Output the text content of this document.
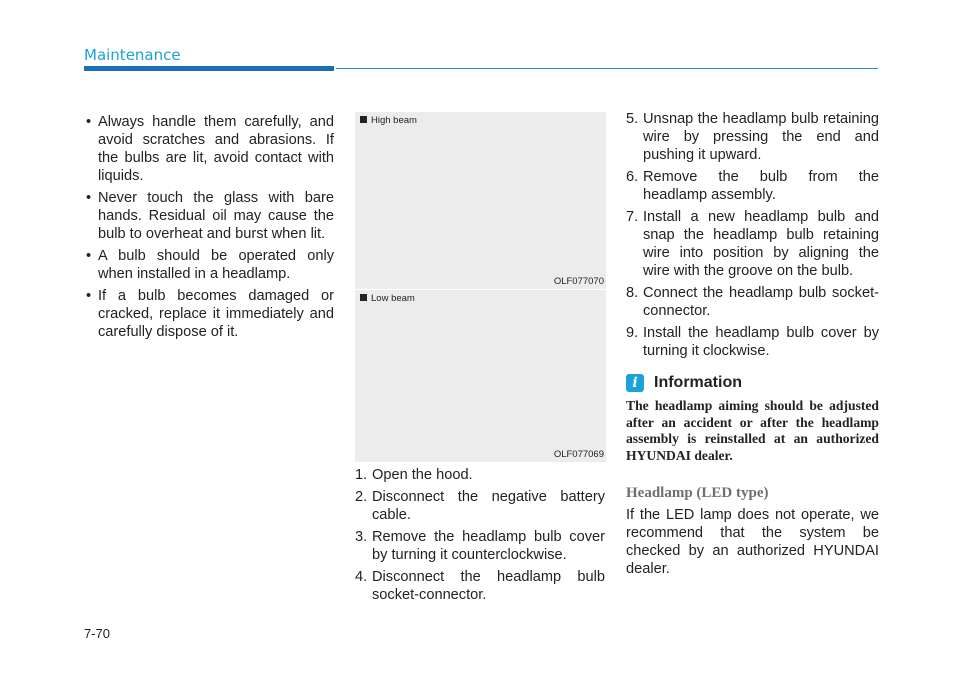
Maintenance
• Always handle them carefully, and avoid scratches and abrasions. If the bulbs are lit, avoid contact with liquids.
• Never touch the glass with bare hands. Residual oil may cause the bulb to overheat and burst when lit.
• A bulb should be operated only when installed in a headlamp.
• If a bulb becomes damaged or cracked, replace it immediately and carefully dispose of it.
High beam
OLF077070
Low beam
OLF077069
1. Open the hood.
2. Disconnect the negative battery cable.
3. Remove the headlamp bulb cover by turning it counterclockwise.
4. Disconnect the headlamp bulb socket-connector.
5. Unsnap the headlamp bulb retaining wire by pressing the end and pushing it upward.
6. Remove the bulb from the headlamp assembly.
7. Install a new headlamp bulb and snap the headlamp bulb retaining wire into position by aligning the wire with the groove on the bulb.
8. Connect the headlamp bulb socket-connector.
9. Install the headlamp bulb cover by turning it clockwise.
i	Information
The headlamp aiming should be adjusted after an accident or after the headlamp assembly is reinstalled at an authorized HYUNDAI dealer.
Headlamp (LED type)
If the LED lamp does not operate, we recommend that the system be checked by an authorized HYUNDAI dealer.
7-70
